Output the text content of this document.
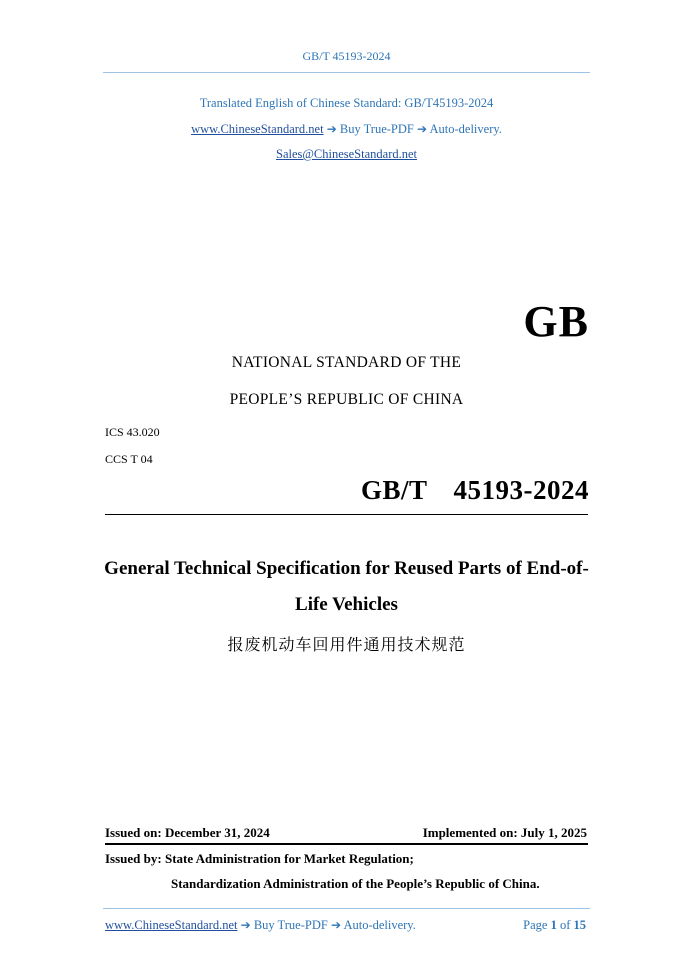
GB/T 45193-2024
Translated English of Chinese Standard: GB/T45193-2024
www.ChineseStandard.net ➔ Buy True-PDF ➔ Auto-delivery.
Sales@ChineseStandard.net
GB
NATIONAL STANDARD OF THE
PEOPLE’S REPUBLIC OF CHINA
ICS 43.020
CCS T 04
GB/T  45193-2024
General Technical Specification for Reused Parts of End-of-
Life Vehicles
报废机动车回用件通用技术规范
Issued on: December 31, 2024	Implemented on: July 1, 2025
Issued by: State Administration for Market Regulation;
Standardization Administration of the People’s Republic of China.
www.ChineseStandard.net ➔ Buy True-PDF ➔ Auto-delivery.	Page 1 of 15
